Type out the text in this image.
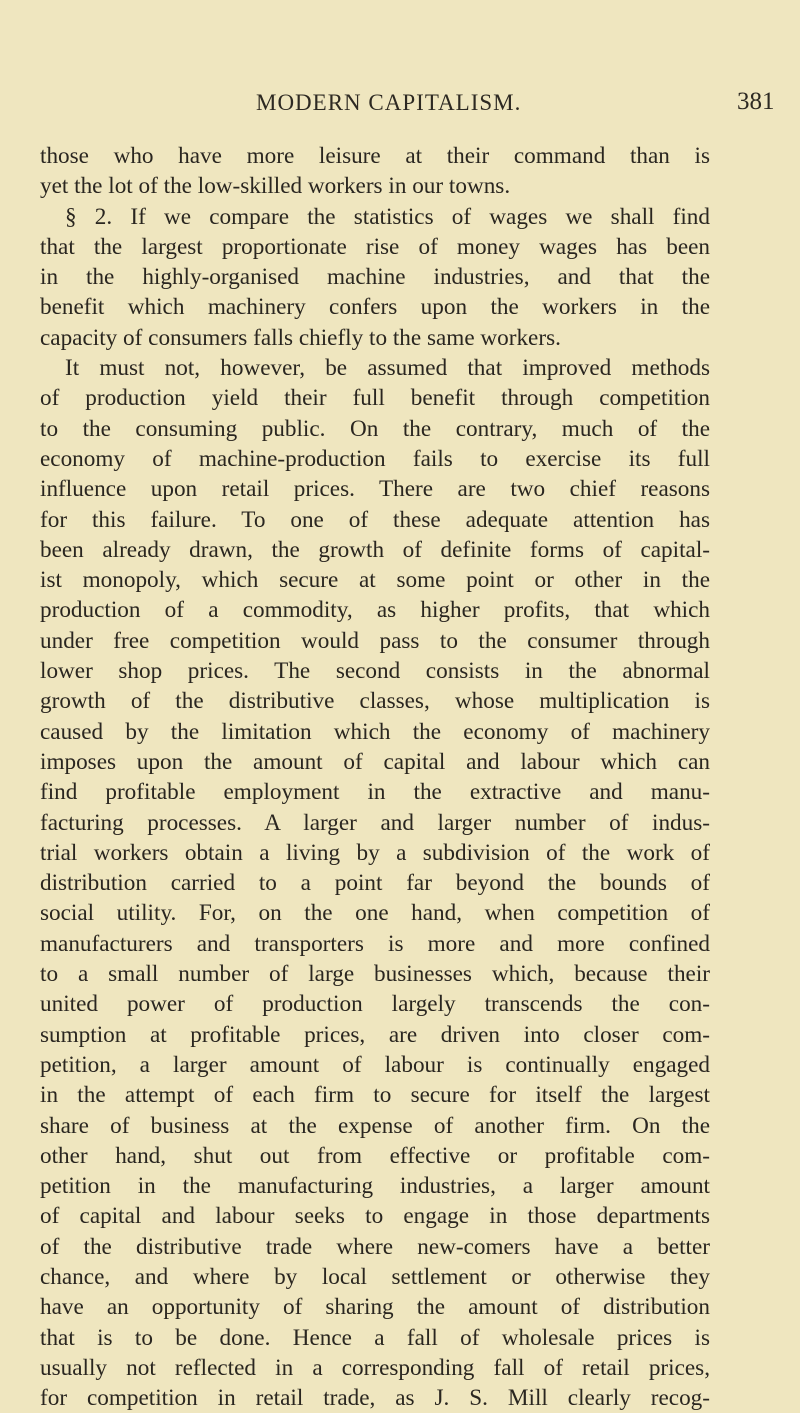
MODERN CAPITALISM.	381
those who have more leisure at their command than is
yet the lot of the low-skilled workers in our towns.
§ 2. If we compare the statistics of wages we shall find
that the largest proportionate rise of money wages has been
in the highly-organised machine industries, and that the
benefit which machinery confers upon the workers in the
capacity of consumers falls chiefly to the same workers.
It must not, however, be assumed that improved methods
of production yield their full benefit through competition
to the consuming public. On the contrary, much of the
economy of machine-production fails to exercise its full
influence upon retail prices. There are two chief reasons
for this failure. To one of these adequate attention has
been already drawn, the growth of definite forms of capital-
ist monopoly, which secure at some point or other in the
production of a commodity, as higher profits, that which
under free competition would pass to the consumer through
lower shop prices. The second consists in the abnormal
growth of the distributive classes, whose multiplication is
caused by the limitation which the economy of machinery
imposes upon the amount of capital and labour which can
find profitable employment in the extractive and manu-
facturing processes. A larger and larger number of indus-
trial workers obtain a living by a subdivision of the work of
distribution carried to a point far beyond the bounds of
social utility. For, on the one hand, when competition of
manufacturers and transporters is more and more confined
to a small number of large businesses which, because their
united power of production largely transcends the con-
sumption at profitable prices, are driven into closer com-
petition, a larger amount of labour is continually engaged
in the attempt of each firm to secure for itself the largest
share of business at the expense of another firm. On the
other hand, shut out from effective or profitable com-
petition in the manufacturing industries, a larger amount
of capital and labour seeks to engage in those departments
of the distributive trade where new-comers have a better
chance, and where by local settlement or otherwise they
have an opportunity of sharing the amount of distribution
that is to be done. Hence a fall of wholesale prices is
usually not reflected in a corresponding fall of retail prices,
for competition in retail trade, as J. S. Mill clearly recog-
